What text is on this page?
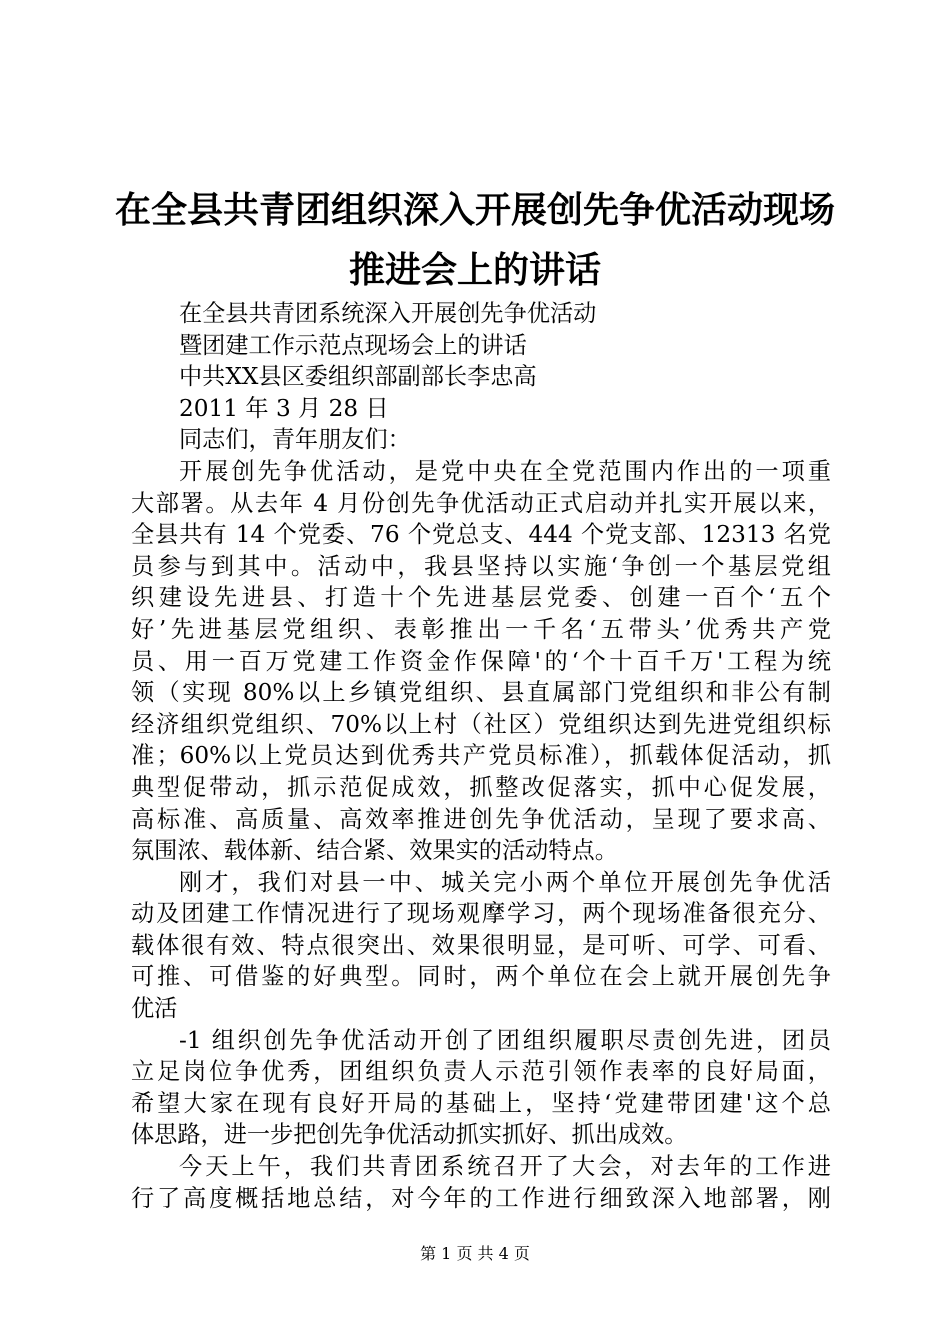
在全县共青团组织深入开展创先争优活动现场
推进会上的讲话
在全县共青团系统深入开展创先争优活动
暨团建工作示范点现场会上的讲话
中共XX县区委组织部副部长李忠高
2011 年 3 月 28 日
同志们，青年朋友们：
开展创先争优活动，是党中央在全党范围内作出的一项重
大部署。从去年 4 月份创先争优活动正式启动并扎实开展以来，
全县共有 14 个党委、76 个党总支、444 个党支部、12313 名党
员参与到其中。活动中，我县坚持以实施‘争创一个基层党组
织建设先进县、打造十个先进基层党委、创建一百个‘五个
好’先进基层党组织、表彰推出一千名‘五带头’优秀共产党
员、用一百万党建工作资金作保障'的‘个十百千万'工程为统
领（实现 80%以上乡镇党组织、县直属部门党组织和非公有制
经济组织党组织、70%以上村（社区）党组织达到先进党组织标
准；60%以上党员达到优秀共产党员标准），抓载体促活动，抓
典型促带动，抓示范促成效，抓整改促落实，抓中心促发展，
高标准、高质量、高效率推进创先争优活动，呈现了要求高、
氛围浓、载体新、结合紧、效果实的活动特点。
刚才，我们对县一中、城关完小两个单位开展创先争优活
动及团建工作情况进行了现场观摩学习，两个现场准备很充分、
载体很有效、特点很突出、效果很明显，是可听、可学、可看、
可推、可借鉴的好典型。同时，两个单位在会上就开展创先争
优活
-1 组织创先争优活动开创了团组织履职尽责创先进，团员
立足岗位争优秀，团组织负责人示范引领作表率的良好局面，
希望大家在现有良好开局的基础上，坚持‘党建带团建'这个总
体思路，进一步把创先争优活动抓实抓好、抓出成效。
今天上午，我们共青团系统召开了大会，对去年的工作进
行了高度概括地总结，对今年的工作进行细致深入地部署，刚
第 1 页 共 4 页
